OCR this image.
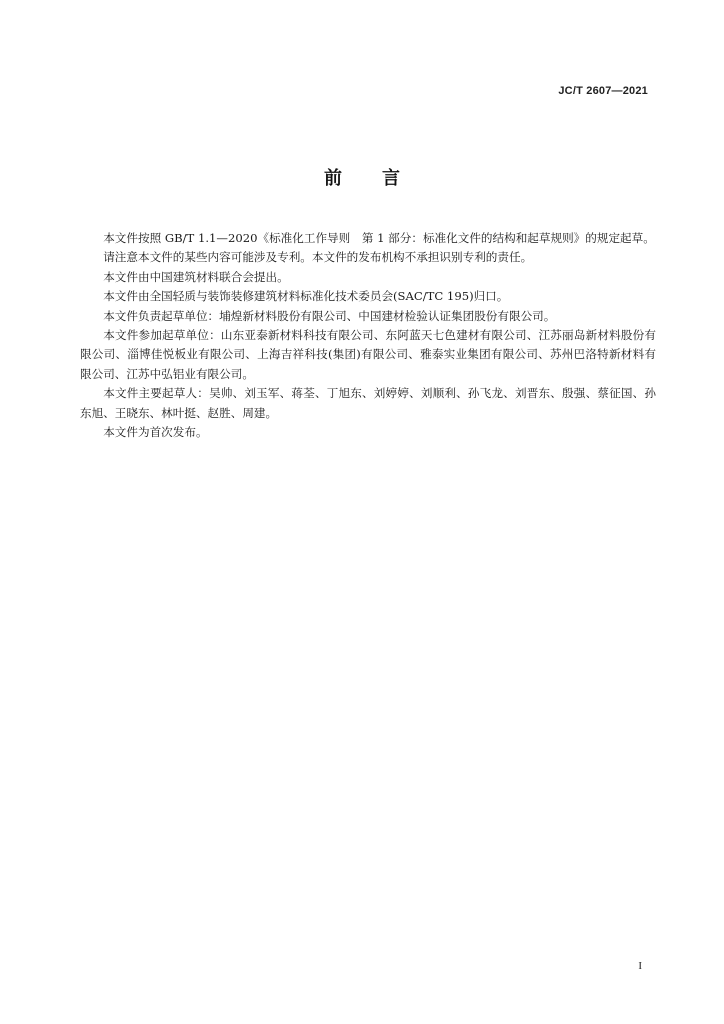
JC/T 2607—2021
前言

本文件按照 GB/T 1.1—2020《标准化工作导则　第 1 部分：标准化文件的结构和起草规则》的规定起草。

请注意本文件的某些内容可能涉及专利。本文件的发布机构不承担识别专利的责任。

本文件由中国建筑材料联合会提出。

本文件由全国轻质与装饰装修建筑材料标准化技术委员会(SAC/TC 195)归口。

本文件负责起草单位：埔煌新材料股份有限公司、中国建材检验认证集团股份有限公司。

本文件参加起草单位：山东亚泰新材料科技有限公司、东阿蓝天七色建材有限公司、江苏丽岛新材料股份有限公司、淄博佳悦板业有限公司、上海吉祥科技(集团)有限公司、雅泰实业集团有限公司、苏州巴洛特新材料有限公司、江苏中弘铝业有限公司。

本文件主要起草人：吴帅、刘玉军、蒋荃、丁旭东、刘婷婷、刘顺利、孙飞龙、刘晋东、殷强、蔡征国、孙东旭、王晓东、林叶挺、赵胜、周建。

本文件为首次发布。

I
